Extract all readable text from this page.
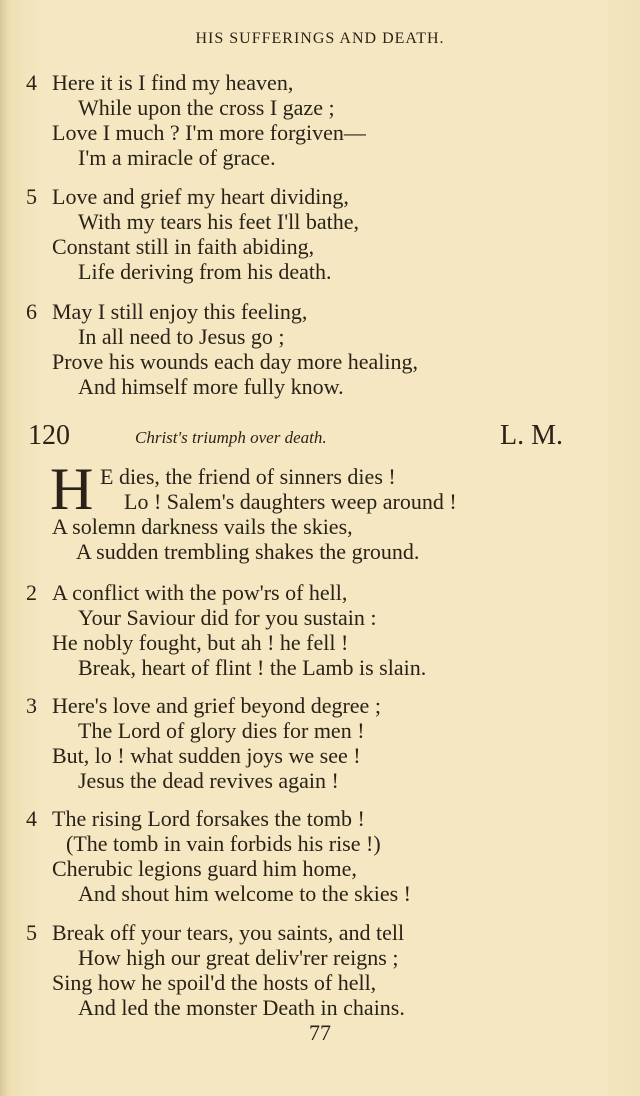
HIS SUFFERINGS AND DEATH.
4 Here it is I find my heaven,
While upon the cross I gaze ;
Love I much ? I'm more forgiven—
I'm a miracle of grace.
5 Love and grief my heart dividing,
With my tears his feet I'll bathe,
Constant still in faith abiding,
Life deriving from his death.
6 May I still enjoy this feeling,
In all need to Jesus go ;
Prove his wounds each day more healing,
And himself more fully know.
120	Christ's triumph over death.	L. M.
H E dies, the friend of sinners dies !
Lo ! Salem's daughters weep around !
A solemn darkness vails the skies,
A sudden trembling shakes the ground.
2 A conflict with the pow'rs of hell,
Your Saviour did for you sustain :
He nobly fought, but ah ! he fell !
Break, heart of flint ! the Lamb is slain.
3 Here's love and grief beyond degree ;
The Lord of glory dies for men !
But, lo ! what sudden joys we see !
Jesus the dead revives again !
4 The rising Lord forsakes the tomb !
(The tomb in vain forbids his rise !)
Cherubic legions guard him home,
And shout him welcome to the skies !
5 Break off your tears, you saints, and tell
How high our great deliv'rer reigns ;
Sing how he spoil'd the hosts of hell,
And led the monster Death in chains.
77
